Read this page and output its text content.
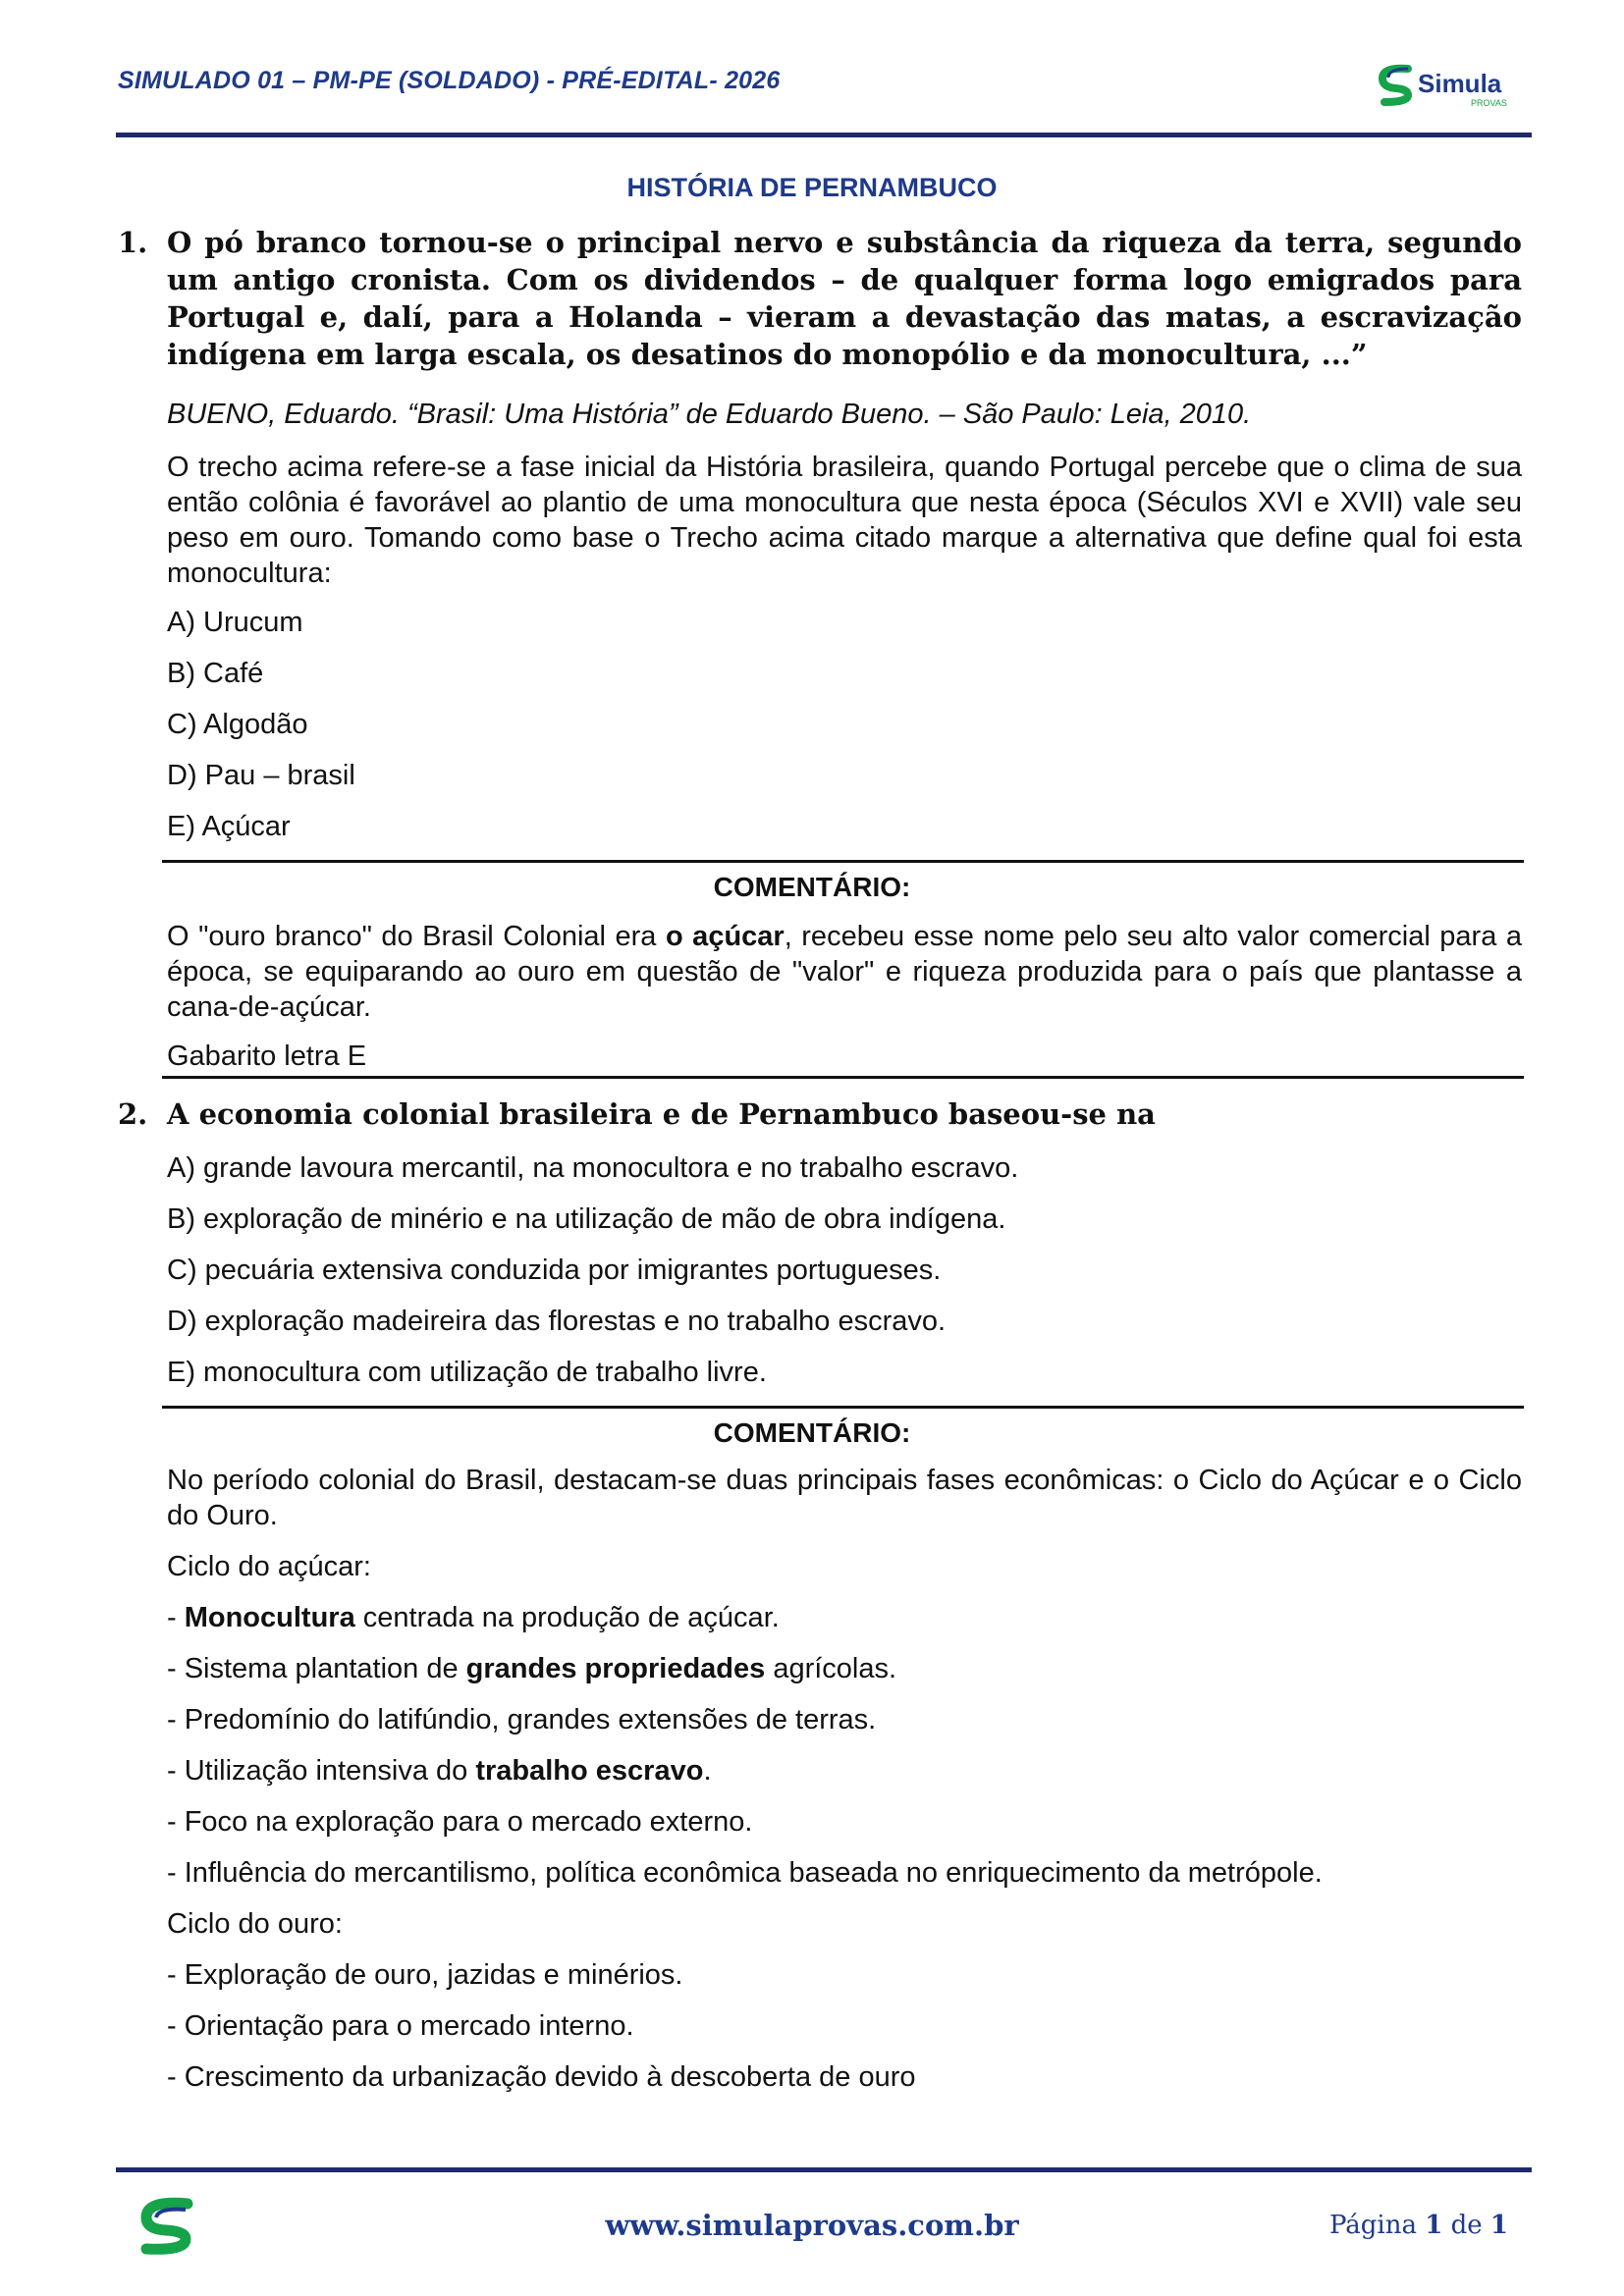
SIMULADO 01 – PM-PE (SOLDADO) - PRÉ-EDITAL- 2026	Simula
PROVAS
HISTÓRIA DE PERNAMBUCO
1. O pó branco tornou-se o principal nervo e substância da riqueza da terra, segundo um antigo cronista. Com os dividendos – de qualquer forma logo emigrados para Portugal e, dalí, para a Holanda – vieram a devastação das matas, a escravização indígena em larga escala, os desatinos do monopólio e da monocultura, ...”
BUENO, Eduardo. “Brasil: Uma História” de Eduardo Bueno. – São Paulo: Leia, 2010.
O trecho acima refere-se a fase inicial da História brasileira, quando Portugal percebe que o clima de sua então colônia é favorável ao plantio de uma monocultura que nesta época (Séculos XVI e XVII) vale seu peso em ouro. Tomando como base o Trecho acima citado marque a alternativa que define qual foi esta monocultura:
A) Urucum
B) Café
C) Algodão
D) Pau – brasil
E) Açúcar
COMENTÁRIO:
O "ouro branco" do Brasil Colonial era o açúcar, recebeu esse nome pelo seu alto valor comercial para a época, se equiparando ao ouro em questão de "valor" e riqueza produzida para o país que plantasse a cana-de-açúcar.
Gabarito letra E
2. A economia colonial brasileira e de Pernambuco baseou-se na
A) grande lavoura mercantil, na monocultora e no trabalho escravo.
B) exploração de minério e na utilização de mão de obra indígena.
C) pecuária extensiva conduzida por imigrantes portugueses.
D) exploração madeireira das florestas e no trabalho escravo.
E) monocultura com utilização de trabalho livre.
COMENTÁRIO:
No período colonial do Brasil, destacam-se duas principais fases econômicas: o Ciclo do Açúcar e o Ciclo do Ouro.
Ciclo do açúcar:
- Monocultura centrada na produção de açúcar.
- Sistema plantation de grandes propriedades agrícolas.
- Predomínio do latifúndio, grandes extensões de terras.
- Utilização intensiva do trabalho escravo.
- Foco na exploração para o mercado externo.
- Influência do mercantilismo, política econômica baseada no enriquecimento da metrópole.
Ciclo do ouro:
- Exploração de ouro, jazidas e minérios.
- Orientação para o mercado interno.
- Crescimento da urbanização devido à descoberta de ouro
www.simulaprovas.com.br	Página 1 de 1
